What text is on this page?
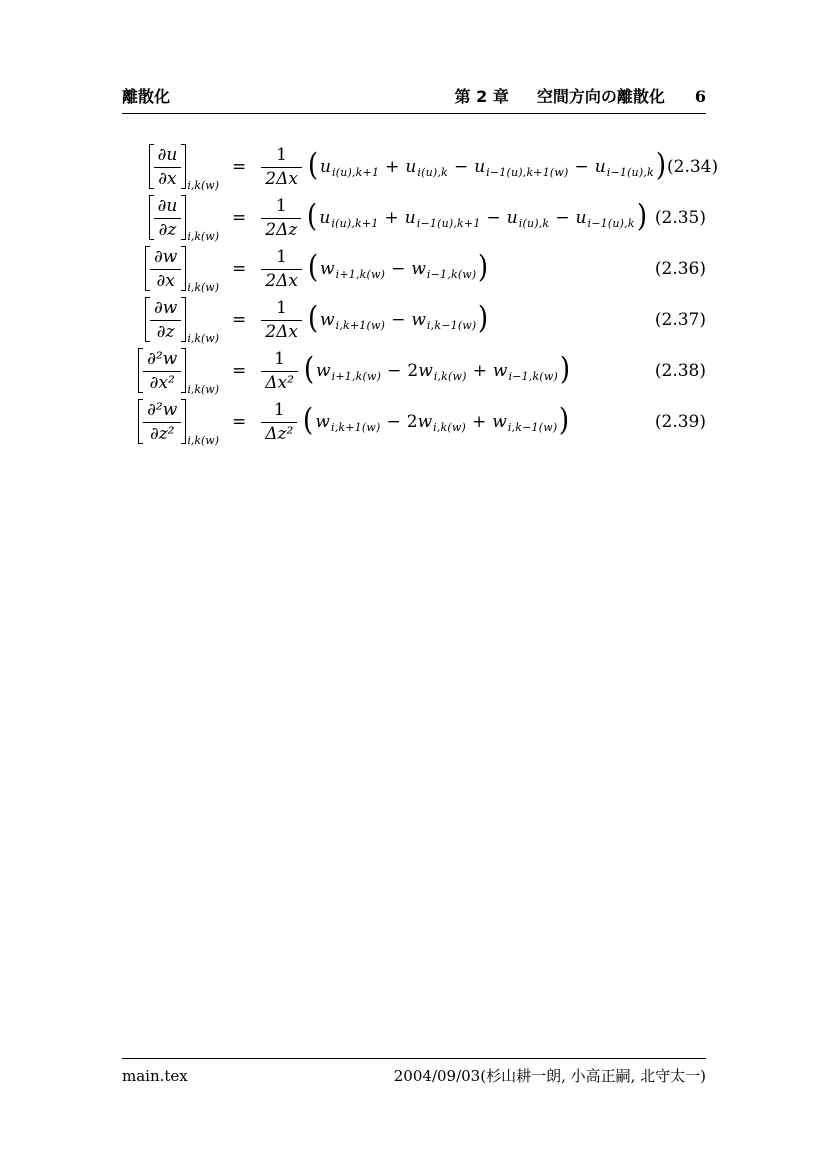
離散化	第 2 章 空間方向の離散化 6
$\frac{\partial u}{\partial x} i,k(w)$
= $\frac{1}{2\Delta x}$ ( $u_{i(u),k+1} + u_{i(u),k} - u_{i-1(u),k+1(w)} - u_{i-1(u),k}$ ) (2.34)
$\frac{\partial u}{\partial z} i,k(w)$
= $\frac{1}{2\Delta z}$ ( $u_{i(u),k+1} + u_{i-1(u),k+1} - u_{i(u),k} - u_{i-1(u),k}$ ) (2.35)
$\frac{\partial w}{\partial x} i,k(w)$
= $\frac{1}{2\Delta x}$ ( $w_{i+1,k(w)} - w_{i-1,k(w)}$ )	(2.36)
$\frac{\partial w}{\partial z} i,k(w)$
= $\frac{1}{2\Delta x}$ ( $w_{i,k+1(w)} - w_{i,k-1(w)}$ )	(2.37)
$\frac{\text{∂²w}}{\text{∂x²}} i,k(w)$
= $\frac{1}{\text{Δx²}}$ ( $w_{i+1,k(w)} - 2w_{i,k(w)} + w_{i-1,k(w)}$ )	(2.38)
$\frac{\text{∂²w}}{\text{∂z²}} i,k(w)$
= $\frac{1}{\text{Δz²}}$ ( $w_{i,k+1(w)} - 2w_{i,k(w)} + w_{i,k-1(w)}$ )	(2.39)
main.tex	2004/09/03(杉山耕一朗, 小高正嗣, 北守太一)
